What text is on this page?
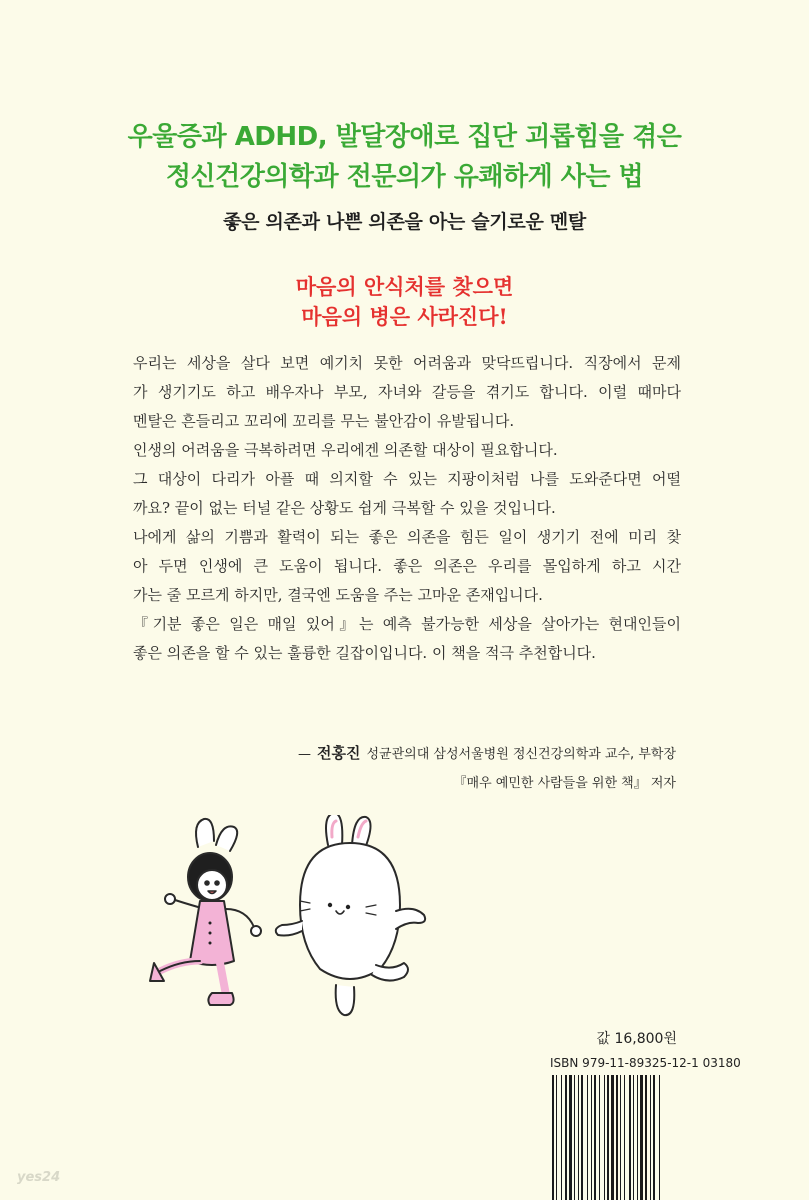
우울증과 ADHD, 발달장애로 집단 괴롭힘을 겪은
정신건강의학과 전문의가 유쾌하게 사는 법
좋은 의존과 나쁜 의존을 아는 슬기로운 멘탈
마음의 안식처를 찾으면
마음의 병은 사라진다!
우리는 세상을 살다 보면 예기치 못한 어려움과 맞닥뜨립니다. 직장에서 문제
가 생기기도 하고 배우자나 부모, 자녀와 갈등을 겪기도 합니다. 이럴 때마다
멘탈은 흔들리고 꼬리에 꼬리를 무는 불안감이 유발됩니다.
인생의 어려움을 극복하려면 우리에겐 의존할 대상이 필요합니다.
그 대상이 다리가 아플 때 의지할 수 있는 지팡이처럼 나를 도와준다면 어떨
까요? 끝이 없는 터널 같은 상황도 쉽게 극복할 수 있을 것입니다.
나에게 삶의 기쁨과 활력이 되는 좋은 의존을 힘든 일이 생기기 전에 미리 찾
아 두면 인생에 큰 도움이 됩니다. 좋은 의존은 우리를 몰입하게 하고 시간
가는 줄 모르게 하지만, 결국엔 도움을 주는 고마운 존재입니다.
『기분 좋은 일은 매일 있어』는 예측 불가능한 세상을 살아가는 현대인들이
좋은 의존을 할 수 있는 훌륭한 길잡이입니다. 이 책을 적극 추천합니다.
— 전홍진 성균관의대 삼성서울병원 정신건강의학과 교수, 부학장
『매우 예민한 사람들을 위한 책』 저자
값 16,800원
ISBN 979-11-89325-12-1 03180
yes24
